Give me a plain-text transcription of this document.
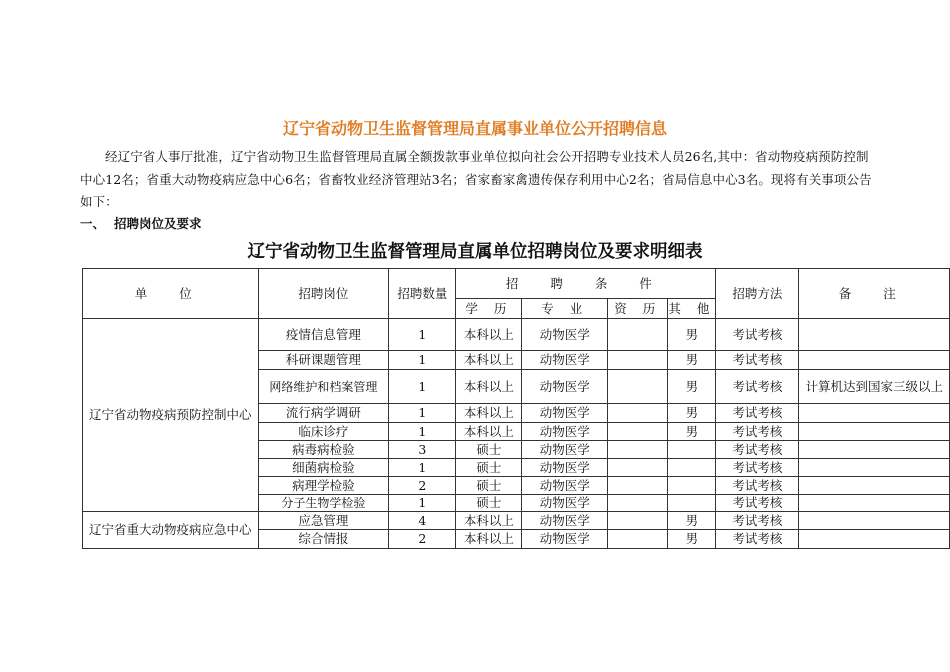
辽宁省动物卫生监督管理局直属事业单位公开招聘信息

经辽宁省人事厅批准，辽宁省动物卫生监督管理局直属全额拨款事业单位拟向社会公开招聘专业技术人员26名,其中：省动物疫病预防控制中心12名；省重大动物疫病应急中心6名；省畜牧业经济管理站3名；省家畜家禽遗传保存利用中心2名；省局信息中心3名。现将有关事项公告如下：

一、 招聘岗位及要求
辽宁省动物卫生监督管理局直属单位招聘岗位及要求明细表
单 位	招聘岗位	招聘数量	招 聘 条 件				招聘方法	备 注
			学 历	专 业	资 历	其 他		
辽宁省动物疫病预防控制中心	疫情信息管理	1	本科以上	动物医学		男	考试考核	
	科研课题管理	1	本科以上	动物医学		男	考试考核	
	网络维护和档案管理	1	本科以上	动物医学		男	考试考核	计算机达到国家三级以上
	流行病学调研	1	本科以上	动物医学		男	考试考核	
	临床诊疗	1	本科以上	动物医学		男	考试考核	
	病毒病检验	3	硕士	动物医学			考试考核	
	细菌病检验	1	硕士	动物医学			考试考核	
	病理学检验	2	硕士	动物医学			考试考核	
	分子生物学检验	1	硕士	动物医学			考试考核	
辽宁省重大动物疫病应急中心	应急管理	4	本科以上	动物医学		男	考试考核	
	综合情报	2	本科以上	动物医学		男	考试考核	
